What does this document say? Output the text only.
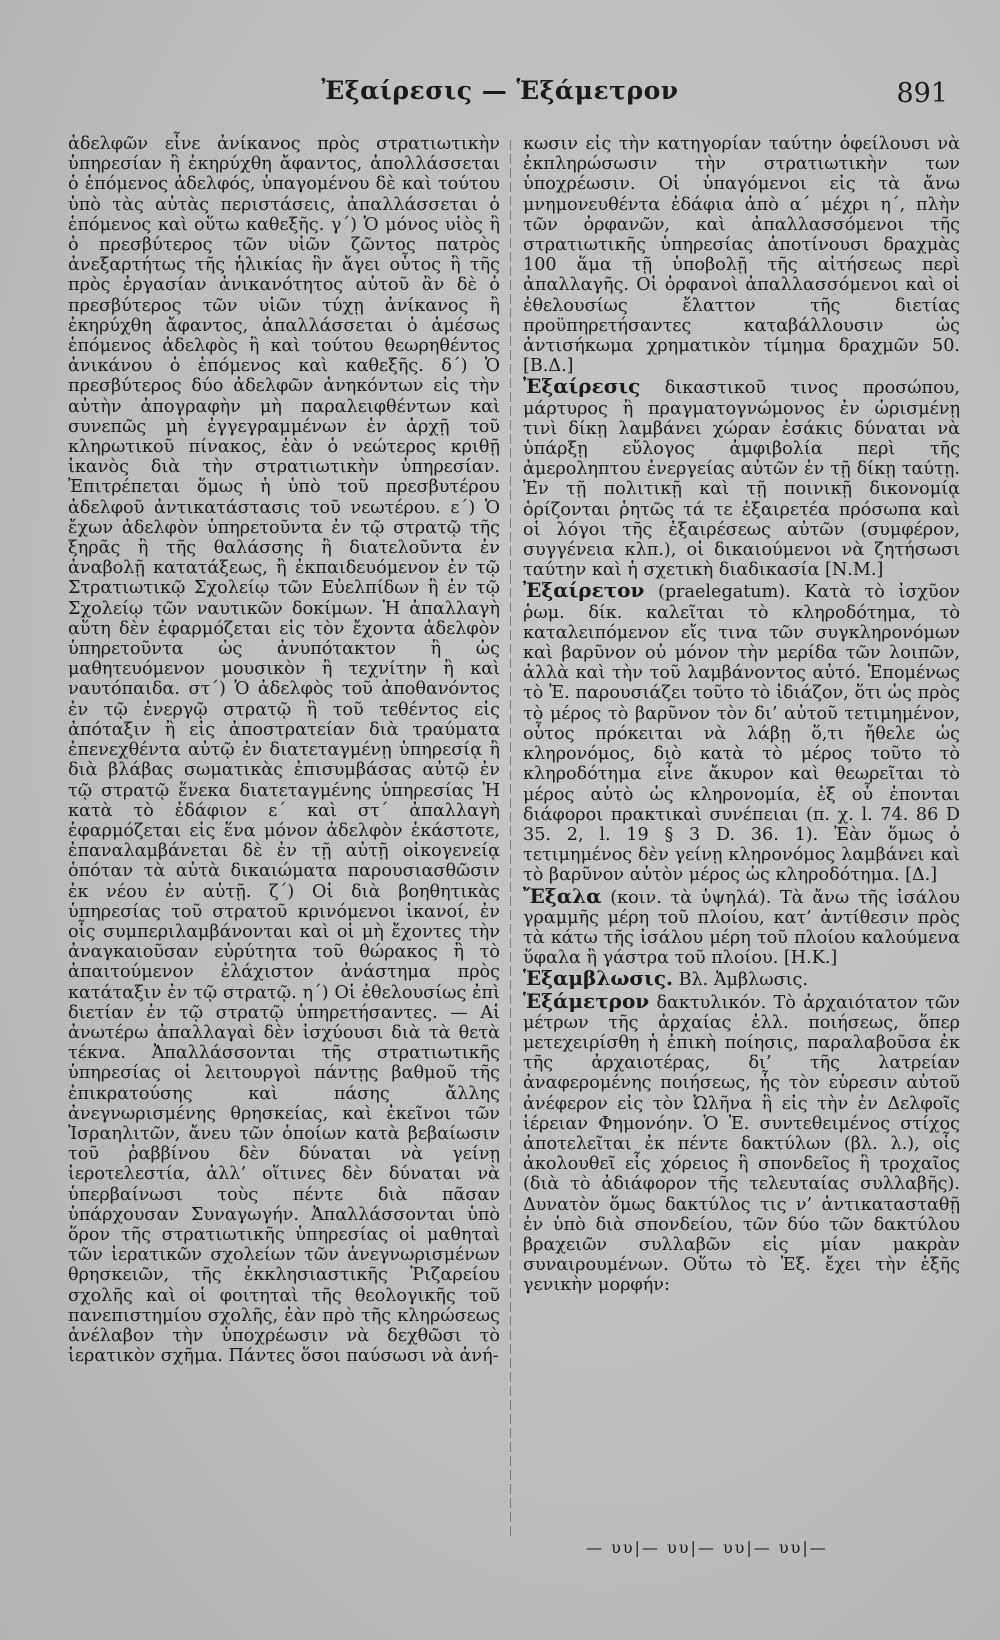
Ἐξαίρεσις — Ἑξάμετρον	891

ἀδελφῶν εἶνε ἀνίκανος πρὸς στρατιωτικὴν ὑπηρεσίαν ἢ ἐκηρύχθη ἄφαντος, ἀπολλάσσεται ὁ ἑπόμενος ἀδελφός, ὑπαγομένου δὲ καὶ τούτου ὑπὸ τὰς αὐτὰς περιστάσεις, ἀπαλλάσσεται ὁ ἑπόμενος καὶ οὕτω καθεξῆς. γ΄) Ὁ μόνος υἱὸς ἢ ὁ πρεσβύτερος τῶν υἱῶν ζῶντος πατρὸς ἀνεξαρτήτως τῆς ἡλικίας ἣν ἄγει οὗτος ἢ τῆς πρὸς ἐργασίαν ἀνικανότητος αὐτοῦ ἂν δὲ ὁ πρεσβύτερος τῶν υἱῶν τύχῃ ἀνίκανος ἢ ἐκηρύχθη ἄφαντος, ἀπαλλάσσεται ὁ ἀμέσως ἑπόμενος ἀδελφὸς ἢ καὶ τούτου θεωρηθέντος ἀνικάνου ὁ ἑπόμενος καὶ καθεξῆς. δ΄) Ὁ πρεσβύτερος δύο ἀδελφῶν ἀνηκόντων εἰς τὴν αὐτὴν ἀπογραφὴν μὴ παραλειφθέντων καὶ συνεπῶς μὴ ἐγγεγραμμένων ἐν ἀρχῇ τοῦ κληρωτικοῦ πίνακος, ἐὰν ὁ νεώτερος κριθῇ ἱκανὸς διὰ τὴν στρατιωτικὴν ὑπηρεσίαν. Ἐπιτρέπεται ὅμως ἡ ὑπὸ τοῦ πρεσβυτέρου ἀδελφοῦ ἀντικατάστασις τοῦ νεωτέρου. ε΄) Ὁ ἔχων ἀδελφὸν ὑπηρετοῦντα ἐν τῷ στρατῷ τῆς ξηρᾶς ἢ τῆς θαλάσσης ἢ διατελοῦντα ἐν ἀναβολῇ κατατάξεως, ἢ ἐκπαιδευόμενον ἐν τῷ Στρατιωτικῷ Σχολείῳ τῶν Εὐελπίδων ἢ ἐν τῷ Σχολείῳ τῶν ναυτικῶν δοκίμων. Ἡ ἀπαλλαγὴ αὕτη δὲν ἐφαρμόζεται εἰς τὸν ἔχοντα ἀδελφὸν ὑπηρετοῦντα ὡς ἀνυπότακτον ἢ ὡς μαθητευόμενον μουσικὸν ἢ τεχνίτην ἢ καὶ ναυτόπαιδα. στ΄) Ὁ ἀδελφὸς τοῦ ἀποθανόντος ἐν τῷ ἐνεργῷ στρατῷ ἢ τοῦ τεθέντος εἰς ἀπόταξιν ἢ εἰς ἀποστρατείαν διὰ τραύματα ἐπενεχθέντα αὐτῷ ἐν διατεταγμένῃ ὑπηρεσίᾳ ἢ διὰ βλάβας σωματικὰς ἐπισυμβάσας αὐτῷ ἐν τῷ στρατῷ ἕνεκα διατεταγμένης ὑπηρεσίας Ἡ κατὰ τὸ ἐδάφιον ε΄ καὶ στ΄ ἀπαλλαγὴ ἐφαρμόζεται εἰς ἕνα μόνον ἀδελφὸν ἑκάστοτε, ἐπαναλαμβάνεται δὲ ἐν τῇ αὐτῇ οἰκογενείᾳ ὁπόταν τὰ αὐτὰ δικαιώματα παρουσιασθῶσιν ἐκ νέου ἐν αὐτῇ. ζ΄) Οἱ διὰ βοηθητικὰς ὑπηρεσίας τοῦ στρατοῦ κρινόμενοι ἱκανοί, ἐν οἷς συμπεριλαμβάνονται καὶ οἱ μὴ ἔχοντες τὴν ἀναγκαιοῦσαν εὐρύτητα τοῦ θώρακος ἢ τὸ ἀπαιτούμενον ἐλάχιστον ἀνάστημα πρὸς κατάταξιν ἐν τῷ στρατῷ. η΄) Οἱ ἐθελουσίως ἐπὶ διετίαν ἐν τῷ στρατῷ ὑπηρετήσαντες. — Αἱ ἀνωτέρω ἀπαλλαγαὶ δὲν ἰσχύουσι διὰ τὰ θετὰ τέκνα. Ἀπαλλάσσονται τῆς στρατιωτικῆς ὑπηρεσίας οἱ λειτουργοὶ πάντῃς βαθμοῦ τῆς ἐπικρατούσης καὶ πάσης ἄλλης ἀνεγνωρισμένης θρησκείας, καὶ ἐκεῖνοι τῶν Ἰσραηλιτῶν, ἄνευ τῶν ὁποίων κατὰ βεβαίωσιν τοῦ ῥαββίνου δὲν δύναται νὰ γείνῃ ἱεροτελεστία, ἀλλ’ οἵτινες δὲν δύναται νὰ ὑπερβαίνωσι τοὺς πέντε διὰ πᾶσαν ὑπάρχουσαν Συναγωγήν. Ἀπαλλάσσονται ὑπὸ ὅρον τῆς στρατιωτικῆς ὑπηρεσίας οἱ μαθηταὶ τῶν ἱερατικῶν σχολείων τῶν ἀνεγνωρισμένων θρησκειῶν, τῆς ἐκκλησιαστικῆς Ῥιζαρείου σχολῆς καὶ οἱ φοιτηταὶ τῆς θεολογικῆς τοῦ πανεπιστημίου σχολῆς, ἐὰν πρὸ τῆς κληρώσεως ἀνέλαβον τὴν ὑποχρέωσιν νὰ δεχθῶσι τὸ ἱερατικὸν σχῆμα. Πάντες ὅσοι παύσωσι νὰ ἀνή-

κωσιν εἰς τὴν κατηγορίαν ταύτην ὀφείλουσι νὰ ἐκπληρώσωσιν τὴν στρατιωτικὴν των ὑποχρέωσιν. Οἱ ὑπαγόμενοι εἰς τὰ ἄνω μνημονευθέντα ἐδάφια ἀπὸ α΄ μέχρι η΄, πλὴν τῶν ὀρφανῶν, καὶ ἀπαλλασσόμενοι τῆς στρατιωτικῆς ὑπηρεσίας ἀποτίνουσι δραχμὰς 100 ἅμα τῇ ὑποβολῇ τῆς αἰτήσεως περὶ ἀπαλλαγῆς. Οἱ ὀρφανοὶ ἀπαλλασσόμενοι καὶ οἱ ἐθελουσίως ἔλαττον τῆς διετίας προϋπηρετήσαντες καταβάλλουσιν ὡς ἀντισήκωμα χρηματικὸν τίμημα δραχμῶν 50. [Β.Δ.]

Ἐξαίρεσις δικαστικοῦ τινος προσώπου, μάρτυρος ἢ πραγματογνώμονος ἐν ὡρισμένῃ τινὶ δίκῃ λαμβάνει χώραν ἐσάκις δύναται νὰ ὑπάρξῃ εὔλογος ἀμφιβολία περὶ τῆς ἀμεροληπτου ἐνεργείας αὐτῶν ἐν τῇ δίκῃ ταύτῃ. Ἐν τῇ πολιτικῇ καὶ τῇ ποινικῇ δικονομίᾳ ὁρίζονται ῥητῶς τά τε ἐξαιρετέα πρόσωπα καὶ οἱ λόγοι τῆς ἐξαιρέσεως αὐτῶν (συμφέρον, συγγένεια κλπ.), οἱ δικαιούμενοι νὰ ζητήσωσι ταύτην καὶ ἡ σχετικὴ διαδικασία [Ν.Μ.]

Ἐξαίρετον (praelegatum). Κατὰ τὸ ἰσχῦον ῥωμ. δίκ. καλεῖται τὸ κληροδότημα, τὸ καταλειπόμενον εἴς τινα τῶν συγκληρονόμων καὶ βαρῦνον οὐ μόνον τὴν μερίδα τῶν λοιπῶν, ἀλλὰ καὶ τὴν τοῦ λαμβάνοντος αὐτό. Ἑπομένως τὸ Ἐ. παρουσιάζει τοῦτο τὸ ἰδιάζον, ὅτι ὡς πρὸς τὸ μέρος τὸ βαρῦνον τὸν δι’ αὐτοῦ τετιμημένον, οὗτος πρόκειται νὰ λάβῃ ὅ,τι ἤθελε ὡς κληρονόμος, διὸ κατὰ τὸ μέρος τοῦτο τὸ κληροδότημα εἶνε ἄκυρον καὶ θεωρεῖται τὸ μέρος αὐτὸ ὡς κληρονομία, ἐξ οὗ ἐπονται διάφοροι πρακτικαὶ συνέπειαι (π. χ. l. 74. 86 D 35. 2, l. 19 § 3 D. 36. 1). Ἐὰν ὅμως ὁ τετιμημένος δὲν γείνῃ κληρονόμος λαμβάνει καὶ τὸ βαρῦνον αὐτὸν μέρος ὡς κληροδότημα. [Δ.]

Ἔξαλα (κοιν. τὰ ὑψηλά). Τὰ ἄνω τῆς ἰσάλου γραμμῆς μέρη τοῦ πλοίου, κατ’ ἀντίθεσιν πρὸς τὰ κάτω τῆς ἰσάλου μέρη τοῦ πλοίου καλούμενα ὕφαλα ἢ γάστρα τοῦ πλοίου. [Η.Κ.]

Ἑξαμβλωσις. Βλ. Ἀμβλωσις.

Ἑξάμετρον δακτυλικόν. Τὸ ἀρχαιότατον τῶν μέτρων τῆς ἀρχαίας ἑλλ. ποιήσεως, ὅπερ μετεχειρίσθη ἡ ἐπικὴ ποίησις, παραλαβοῦσα ἐκ τῆς ἀρχαιοτέρας, δι’ τῆς λατρείαν ἀναφερομένης ποιήσεως, ἧς τὸν εὑρεσιν αὐτοῦ ἀνέφερον εἰς τὸν Ὠλῆνα ἢ εἰς τὴν ἐν Δελφοῖς ἱέρειαν Φημονόην. Ὁ Ἐ. συντεθειμένος στίχος ἀποτελεῖται ἐκ πέντε δακτύλων (βλ. λ.), οἷς ἀκολουθεῖ εἷς χόρειος ἢ σπονδεῖος ἢ τροχαῖος (διὰ τὸ ἀδιάφορον τῆς τελευταίας συλλαβῆς). Δυνατὸν ὅμως δακτύλος τις ν’ ἀντικατασταθῇ ἐν ὑπὸ διὰ σπονδείου, τῶν δύο τῶν δακτύλου βραχειῶν συλλαβῶν εἰς μίαν μακρὰν συναιρουμένων. Οὕτω τὸ Ἑξ. ἔχει τὴν ἑξῆς γενικὴν μορφήν:

— υυ|— υυ|— υυ|— υυ|—
